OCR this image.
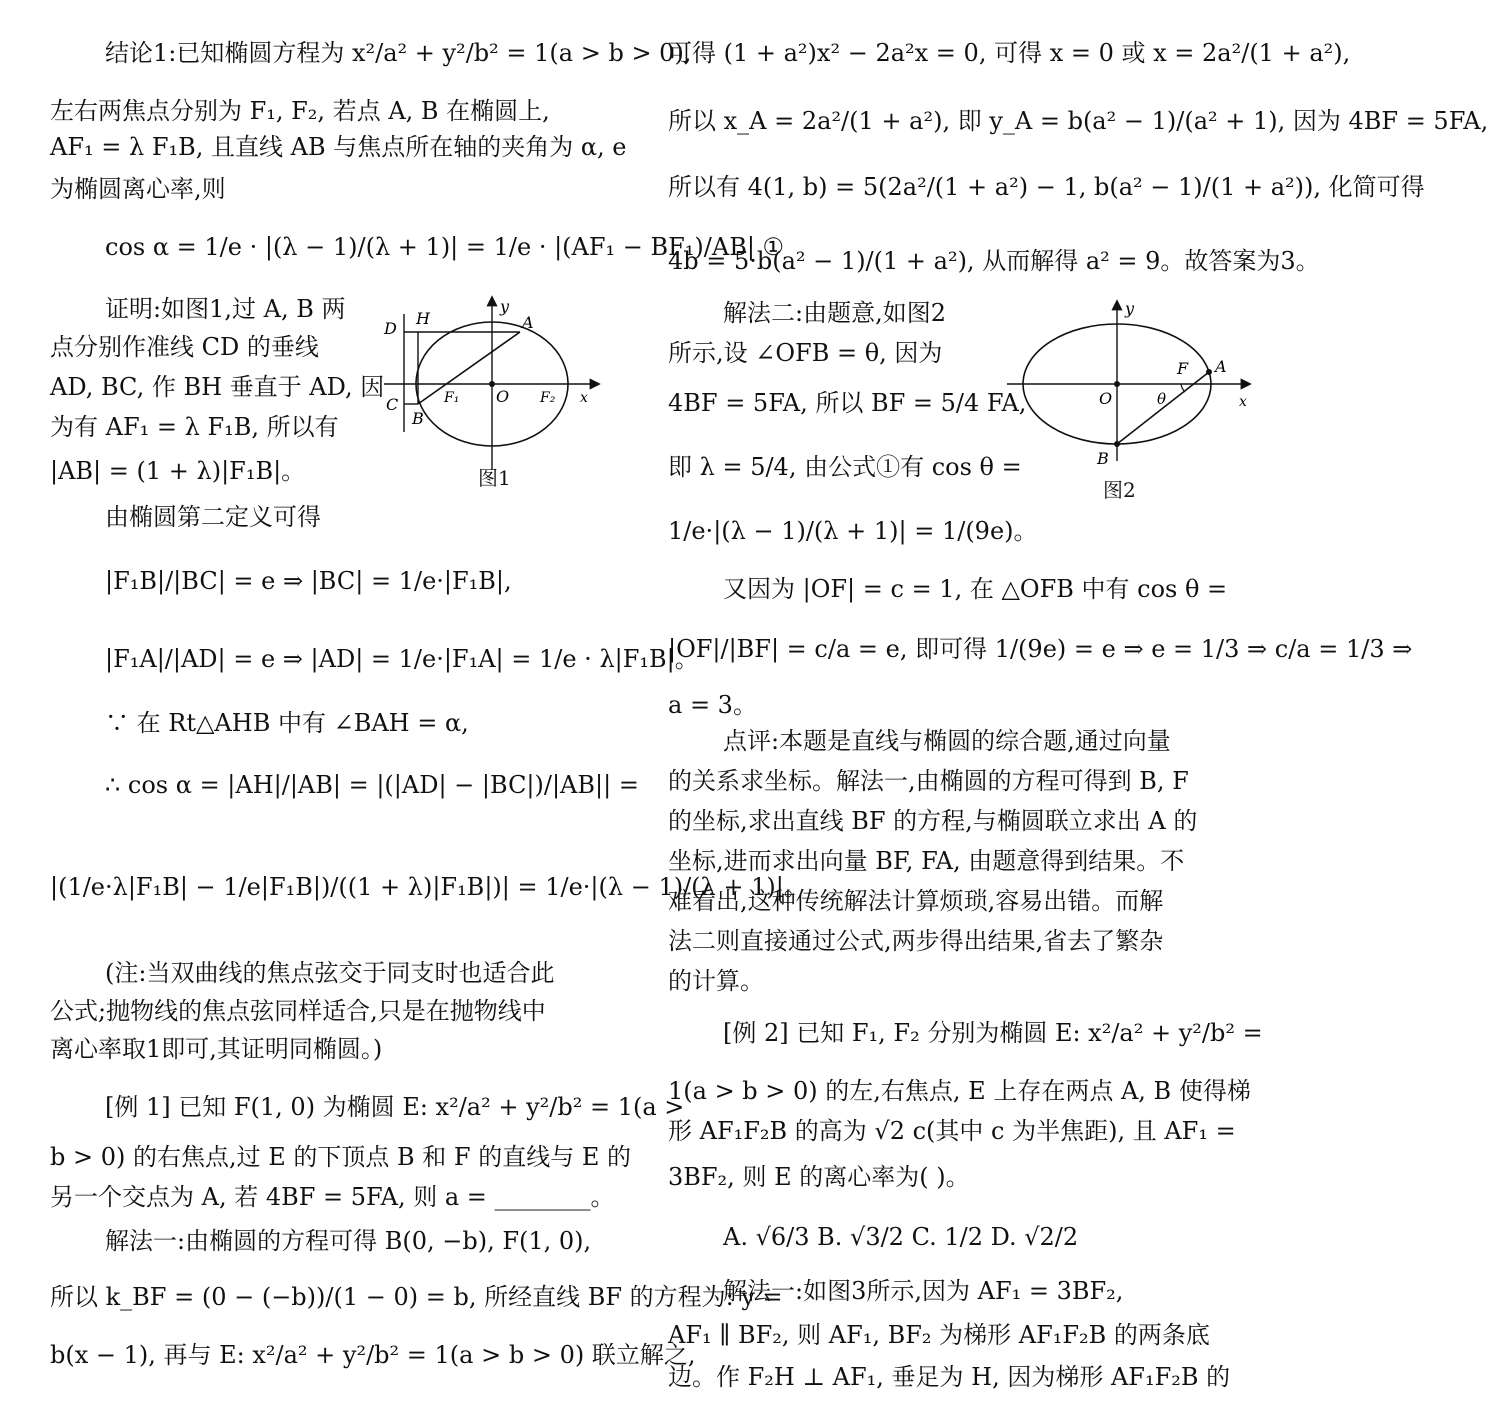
结论1:已知椭圆方程为 x²/a² + y²/b² = 1(a > b > 0),
左右两焦点分别为 F₁, F₂, 若点 A, B 在椭圆上,
AF₁ = λ F₁B, 且直线 AB 与焦点所在轴的夹角为 α, e
为椭圆离心率,则
cos α = 1/e · |(λ − 1)/(λ + 1)| = 1/e · |(AF₁ − BF₁)/AB| ①
证明:如图1,过 A, B 两
点分别作准线 CD 的垂线
AD, BC, 作 BH 垂直于 AD, 因
为有 AF₁ = λ F₁B, 所以有
|AB| = (1 + λ)|F₁B|。
由椭圆第二定义可得
|F₁B|/|BC| = e ⇒ |BC| = 1/e·|F₁B|,
|F₁A|/|AD| = e ⇒ |AD| = 1/e·|F₁A| = 1/e · λ|F₁B|。
∵ 在 Rt△AHB 中有 ∠BAH = α,
∴ cos α = |AH|/|AB| = |(|AD| − |BC|)/|AB|| =
|(1/e·λ|F₁B| − 1/e|F₁B|)/((1 + λ)|F₁B|)| = 1/e·|(λ − 1)/(λ + 1)|。
(注:当双曲线的焦点弦交于同支时也适合此
公式;抛物线的焦点弦同样适合,只是在抛物线中
离心率取1即可,其证明同椭圆。)
[例 1] 已知 F(1, 0) 为椭圆 E: x²/a² + y²/b² = 1(a >
b > 0) 的右焦点,过 E 的下顶点 B 和 F 的直线与 E 的
另一个交点为 A, 若 4BF = 5FA, 则 a = ________。
解法一:由椭圆的方程可得 B(0, −b), F(1, 0),
所以 k_BF = (0 − (−b))/(1 − 0) = b, 所经直线 BF 的方程为: y =
b(x − 1), 再与 E: x²/a² + y²/b² = 1(a > b > 0) 联立解之,
D
H
y
A
C
B
F₁ O F₂ x
图1
可得 (1 + a²)x² − 2a²x = 0, 可得 x = 0 或 x = 2a²/(1 + a²),
所以 x_A = 2a²/(1 + a²), 即 y_A = b(a² − 1)/(a² + 1), 因为 4BF = 5FA,
所以有 4(1, b) = 5(2a²/(1 + a²) − 1, b(a² − 1)/(1 + a²)), 化简可得
4b = 5·b(a² − 1)/(1 + a²), 从而解得 a² = 9。故答案为3。
解法二:由题意,如图2
所示,设 ∠OFB = θ, 因为
4BF = 5FA, 所以 BF = 5/4 FA,
即 λ = 5/4, 由公式①有 cos θ =
1/e·|(λ − 1)/(λ + 1)| = 1/(9e)。
又因为 |OF| = c = 1, 在 △OFB 中有 cos θ =
|OF|/|BF| = c/a = e, 即可得 1/(9e) = e ⇒ e = 1/3 ⇒ c/a = 1/3 ⇒
a = 3。
点评:本题是直线与椭圆的综合题,通过向量
的关系求坐标。解法一,由椭圆的方程可得到 B, F
的坐标,求出直线 BF 的方程,与椭圆联立求出 A 的
坐标,进而求出向量 BF, FA, 由题意得到结果。不
难看出,这种传统解法计算烦琐,容易出错。而解
法二则直接通过公式,两步得出结果,省去了繁杂
的计算。
[例 2] 已知 F₁, F₂ 分别为椭圆 E: x²/a² + y²/b² =
1(a > b > 0) 的左,右焦点, E 上存在两点 A, B 使得梯
形 AF₁F₂B 的高为 √2 c(其中 c 为半焦距), 且 AF₁ =
3BF₂, 则 E 的离心率为( )。
A. √6/3 B. √3/2 C. 1/2 D. √2/2
解法一:如图3所示,因为 AF₁ = 3BF₂,
AF₁ ∥ BF₂, 则 AF₁, BF₂ 为梯形 AF₁F₂B 的两条底
边。作 F₂H ⊥ AF₁, 垂足为 H, 因为梯形 AF₁F₂B 的
y
F A
O	θ	x
B
图2
